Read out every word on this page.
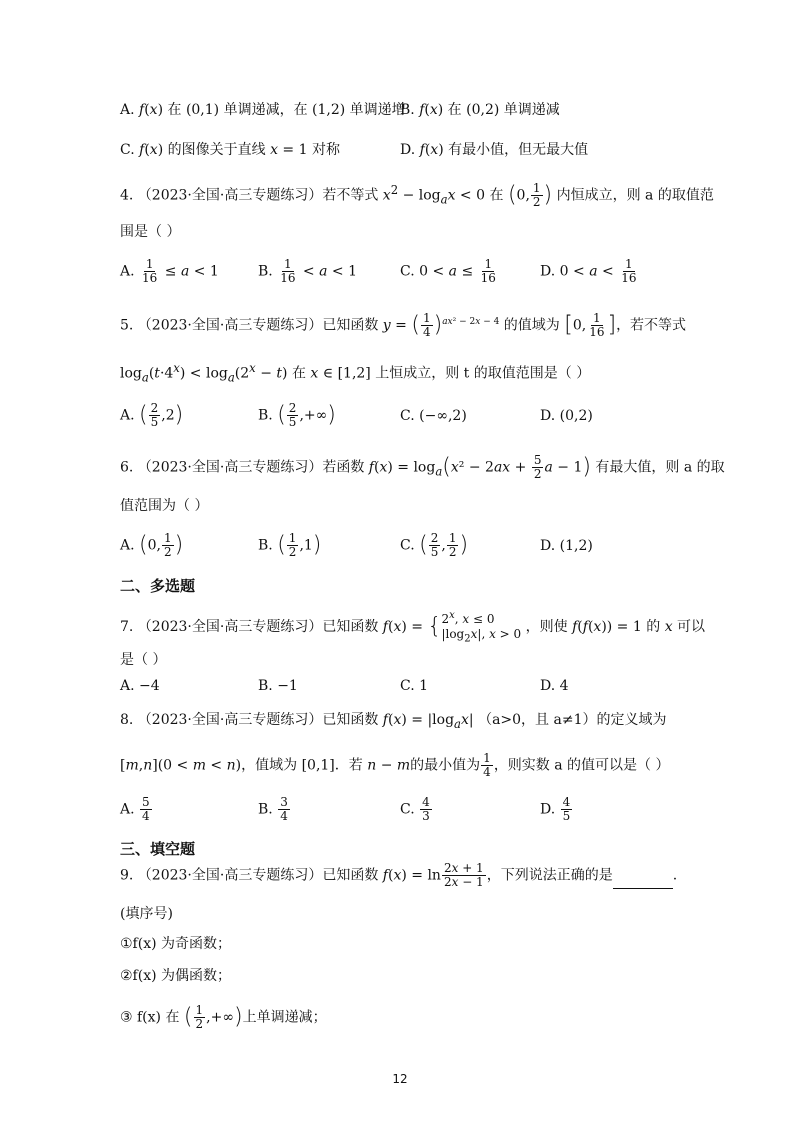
A. f(x) 在 (0,1) 单调递减，在 (1,2) 单调递增
B. f(x) 在 (0,2) 单调递减
C. f(x) 的图像关于直线 x = 1 对称	D. f(x) 有最小值，但无最大值
4. （2023·全国·高三专题练习）若不等式 $x^2 - \log_ax < 0$ 在 (0, $\frac{1}{2}$ ) 内恒成立，则 a 的取值范
围是（ ）
A. $\frac{1}{16} \le a < 1$	B. $\frac{1}{16} < a < 1$	C. $0 < a \le \frac{1}{16}$	D. $0 < a < \frac{1}{16}$
5. （2023·全国·高三专题练习）已知函数 y = ( $\frac{1}{4} )^{ax^2 - 2x - 4}$ 的值域为 [0, $\frac{1}{16}$ ]，若不等式
$\log_a(t\cdot 4^x) < \log_a(2^x - t)$ 在 x ∈ [1,2] 上恒成立，则 t 的取值范围是（ ）
A. ( $\frac{2}{5} ,2$)	B. ( $\frac{2}{5}$ ,+∞)	C. (−∞,2)	D. (0,2)
6. （2023·全国·高三专题练习）若函数 $f(x) = \log_a(x^2 - 2ax + \frac{5}{2}$ a − 1) 有最大值，则 a 的取
值范围为（ ）
A. (0, $\frac{1}{2}$ )	B. ( $\frac{1}{2} ,1$)	C. ( $\frac{2}{5}$ , $\frac{1}{2}$ )	D. (1,2)
二、多选题
7. （2023·全国·高三专题练习）已知函数 f(x) = { 2$^x$, x ≤ 0
$|\log_2x|$, x > 0 ，则使 f(f(x)) = 1 的 x 可以
是（ ）
A. −4	B. −1	C. 1	D. 4
8. （2023·全国·高三专题练习）已知函数 $f(x) = |\log_ax|$ （a>0，且 a≠1）的定义域为
[m,n](0 < m < n)，值域为 [0,1]．若 n − m的最小值为 $\frac{1}{4}$ ，则实数 a 的值可以是（ ）
A. $\frac{5}{4}$	B. $\frac{3}{4}$	C. $\frac{4}{3}$	D. $\frac{4}{5}$
三、填空题
9. （2023·全国·高三专题练习）已知函数 $f(x) = \ln \frac{2x + 1}{2x - 1}$ ，下列说法正确的是	.
(填序号)
①f(x) 为奇函数；
②f(x) 为偶函数；
③ f(x) 在 ( $\frac{1}{2}$ ,+∞)上单调递减；
12
